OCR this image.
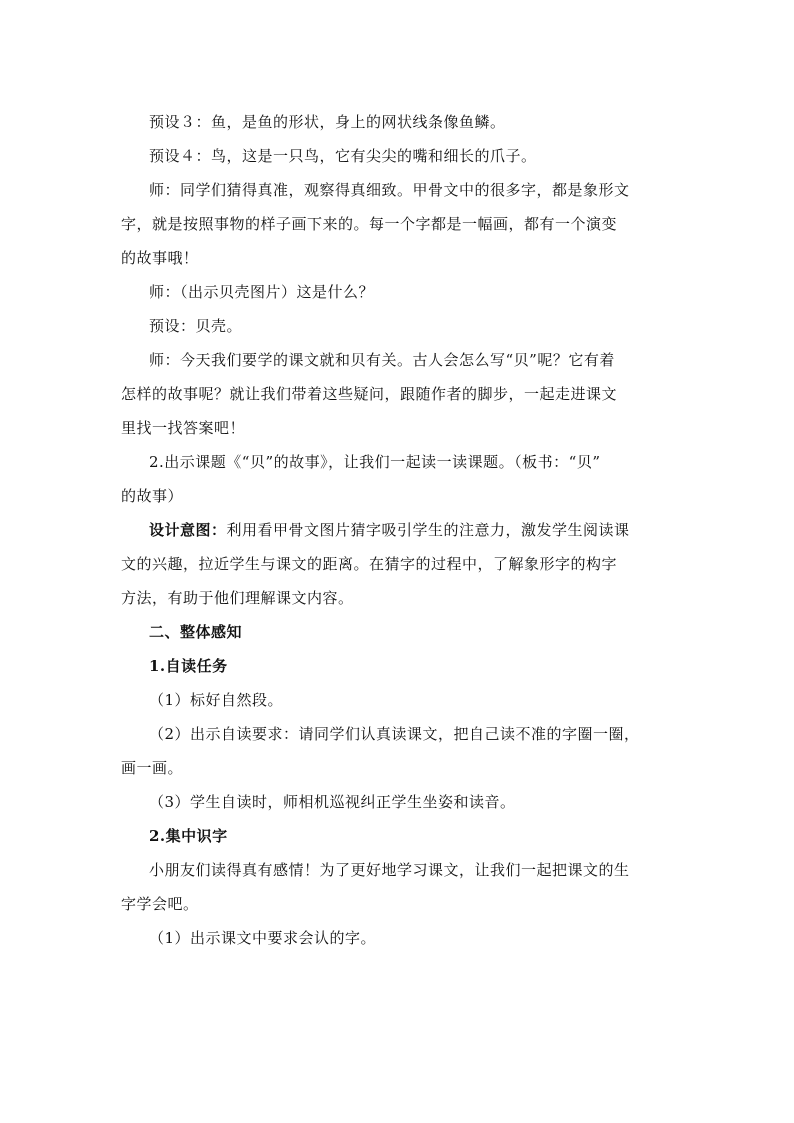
预设３：鱼，是鱼的形状，身上的网状线条像鱼鳞。
预设４：鸟，这是一只鸟，它有尖尖的嘴和细长的爪子。
师：同学们猜得真准，观察得真细致。甲骨文中的很多字，都是象形文
字，就是按照事物的样子画下来的。每一个字都是一幅画，都有一个演变
的故事哦！
师：（出示贝壳图片）这是什么？
预设：贝壳。
师：今天我们要学的课文就和贝有关。古人会怎么写“贝”呢？它有着
怎样的故事呢？就让我们带着这些疑问，跟随作者的脚步，一起走进课文
里找一找答案吧！
2.出示课题《“贝”的故事》，让我们一起读一读课题。（板书：“贝”
的故事）
设计意图：利用看甲骨文图片猜字吸引学生的注意力，激发学生阅读课
文的兴趣，拉近学生与课文的距离。在猜字的过程中，了解象形字的构字
方法，有助于他们理解课文内容。
二、整体感知
1.自读任务
（1）标好自然段。
（2）出示自读要求：请同学们认真读课文，把自己读不准的字圈一圈，
画一画。
（3）学生自读时，师相机巡视纠正学生坐姿和读音。
2.集中识字
小朋友们读得真有感情！为了更好地学习课文，让我们一起把课文的生
字学会吧。
（1）出示课文中要求会认的字。
